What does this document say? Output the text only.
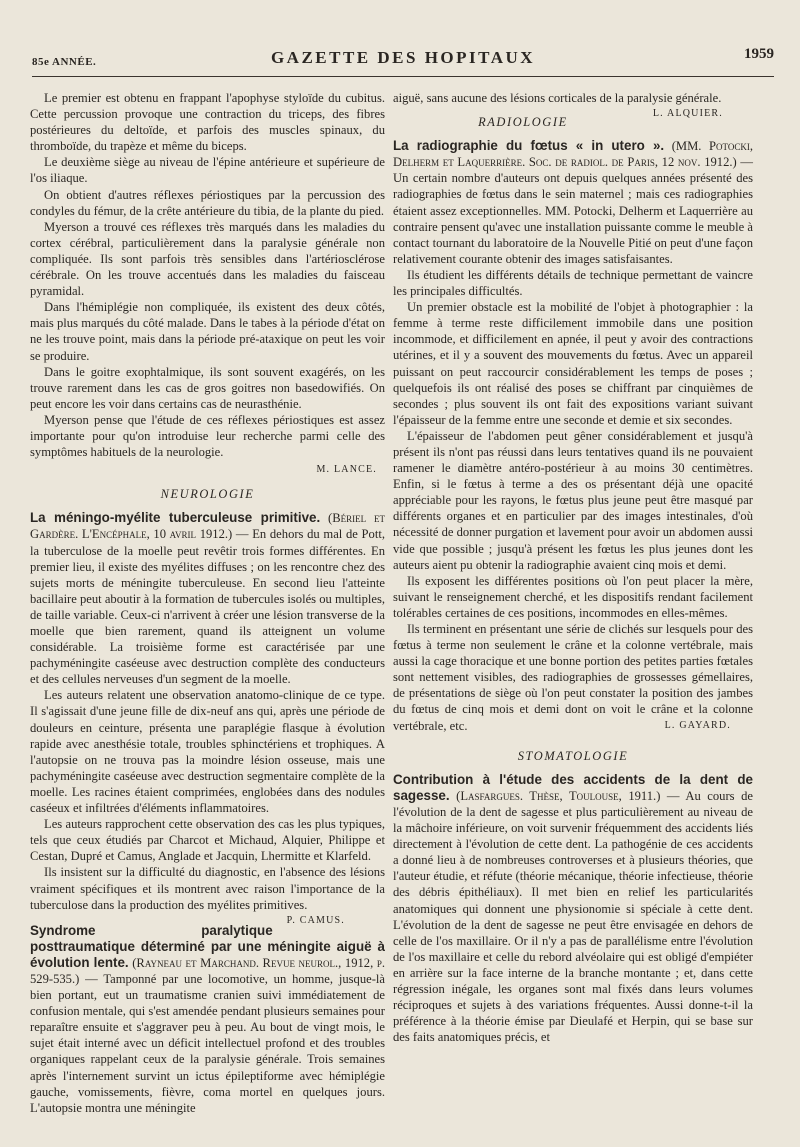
85e ANNÉE.	GAZETTE DES HOPITAUX	1959

Le premier est obtenu en frappant l'apophyse styloïde du cubitus. Cette percussion provoque une contraction du triceps, des fibres postérieures du deltoïde, et parfois des muscles spinaux, du thromboïde, du trapèze et même du biceps.

Le deuxième siège au niveau de l'épine antérieure et supérieure de l'os iliaque.

On obtient d'autres réflexes périostiques par la percussion des condyles du fémur, de la crête antérieure du tibia, de la plante du pied.

Myerson a trouvé ces réflexes très marqués dans les maladies du cortex cérébral, particulièrement dans la paralysie générale non compliquée. Ils sont parfois très sensibles dans l'artériosclérose cérébrale. On les trouve accentués dans les maladies du faisceau pyramidal.

Dans l'hémiplégie non compliquée, ils existent des deux côtés, mais plus marqués du côté malade. Dans le tabes à la période d'état on ne les trouve point, mais dans la période pré-ataxique on peut les voir se produire.

Dans le goitre exophtalmique, ils sont souvent exagérés, on les trouve rarement dans les cas de gros goitres non basedowifiés. On peut encore les voir dans certains cas de neurasthénie.

Myerson pense que l'étude de ces réflexes périostiques est assez importante pour qu'on introduise leur recherche parmi celle des symptômes habituels de la neurologie.

M. LANCE.
NEUROLOGIE

La méningo-myélite tuberculeuse primitive. (Bériel et Gardère. L'Encéphale, 10 avril 1912.) — En dehors du mal de Pott, la tuberculose de la moelle peut revêtir trois formes différentes. En premier lieu, il existe des myélites diffuses ; on les rencontre chez des sujets morts de méningite tuberculeuse. En second lieu l'atteinte bacillaire peut aboutir à la formation de tubercules isolés ou multiples, de taille variable. Ceux-ci n'arrivent à créer une lésion transverse de la moelle que bien rarement, quand ils atteignent un volume considérable. La troisième forme est caractérisée par une pachyméningite caséeuse avec destruction complète des conducteurs et des cellules nerveuses d'un segment de la moelle.

Les auteurs relatent une observation anatomo-clinique de ce type. Il s'agissait d'une jeune fille de dix-neuf ans qui, après une période de douleurs en ceinture, présenta une paraplégie flasque à évolution rapide avec anesthésie totale, troubles sphinctériens et trophiques. A l'autopsie on ne trouva pas la moindre lésion osseuse, mais une pachyméningite caséeuse avec destruction segmentaire complète de la moelle. Les racines étaient comprimées, englobées dans des nodules caséeux et infiltrées d'éléments inflammatoires.

Les auteurs rapprochent cette observation des cas les plus typiques, tels que ceux étudiés par Charcot et Michaud, Alquier, Philippe et Cestan, Dupré et Camus, Anglade et Jacquin, Lhermitte et Klarfeld.

Ils insistent sur la difficulté du diagnostic, en l'absence des lésions vraiment spécifiques et ils montrent avec raison l'importance de la tuberculose dans la production des myélites primitives.
P. CAMUS.

Syndrome paralytique posttraumatique déterminé par une méningite aiguë à évolution lente. (Rayneau et Marchand. Revue neurol., 1912, p. 529-535.) — Tamponné par une locomotive, un homme, jusque-là bien portant, eut un traumatisme cranien suivi immédiatement de confusion mentale, qui s'est amendée pendant plusieurs semaines pour reparaître ensuite et s'aggraver peu à peu. Au bout de vingt mois, le sujet était interné avec un déficit intellectuel profond et des troubles organiques rappelant ceux de la paralysie générale. Trois semaines après l'internement survint un ictus épileptiforme avec hémiplégie gauche, vomissements, fièvre, coma mortel en quelques jours. L'autopsie montra une méningite

aiguë, sans aucune des lésions corticales de la paralysie générale.
L. ALQUIER.

RADIOLOGIE

La radiographie du fœtus « in utero ». (MM. Potocki, Delherm et Laquerrière. Soc. de radiol. de Paris, 12 nov. 1912.) — Un certain nombre d'auteurs ont depuis quelques années présenté des radiographies de fœtus dans le sein maternel ; mais ces radiographies étaient assez exceptionnelles. MM. Potocki, Delherm et Laquerrière au contraire pensent qu'avec une installation puissante comme le meuble à contact tournant du laboratoire de la Nouvelle Pitié on peut d'une façon relativement courante obtenir des images satisfaisantes.

Ils étudient les différents détails de technique permettant de vaincre les principales difficultés.

Un premier obstacle est la mobilité de l'objet à photographier : la femme à terme reste difficilement immobile dans une position incommode, et difficilement en apnée, il peut y avoir des contractions utérines, et il y a souvent des mouvements du fœtus. Avec un appareil puissant on peut raccourcir considérablement les temps de poses ; quelquefois ils ont réalisé des poses se chiffrant par cinquièmes de secondes ; plus souvent ils ont fait des expositions variant suivant l'épaisseur de la femme entre une seconde et demie et six secondes.

L'épaisseur de l'abdomen peut gêner considérablement et jusqu'à présent ils n'ont pas réussi dans leurs tentatives quand ils ne pouvaient ramener le diamètre antéro-postérieur à au moins 30 centimètres. Enfin, si le fœtus à terme a des os présentant déjà une opacité appréciable pour les rayons, le fœtus plus jeune peut être masqué par différents organes et en particulier par des images intestinales, d'où nécessité de donner purgation et lavement pour avoir un abdomen aussi vide que possible ; jusqu'à présent les fœtus les plus jeunes dont les auteurs aient pu obtenir la radiographie avaient cinq mois et demi.

Ils exposent les différentes positions où l'on peut placer la mère, suivant le renseignement cherché, et les dispositifs rendant facilement tolérables certaines de ces positions, incommodes en elles-mêmes.

Ils terminent en présentant une série de clichés sur lesquels pour des fœtus à terme non seulement le crâne et la colonne vertébrale, mais aussi la cage thoracique et une bonne portion des petites parties fœtales sont nettement visibles, des radiographies de grossesses gémellaires, de présentations de siège où l'on peut constater la position des jambes du fœtus de cinq mois et demi dont on voit le crâne et la colonne vertébrale, etc.	L. GAYARD.

STOMATOLOGIE

Contribution à l'étude des accidents de la dent de sagesse. (Lasfargues. Thèse, Toulouse, 1911.) — Au cours de l'évolution de la dent de sagesse et plus particulièrement au niveau de la mâchoire inférieure, on voit survenir fréquemment des accidents liés directement à l'évolution de cette dent. La pathogénie de ces accidents a donné lieu à de nombreuses controverses et à plusieurs théories, que l'auteur étudie, et réfute (théorie mécanique, théorie infectieuse, théorie des débris épithéliaux). Il met bien en relief les particularités anatomiques qui donnent une physionomie si spéciale à cette dent. L'évolution de la dent de sagesse ne peut être envisagée en dehors de celle de l'os maxillaire. Or il n'y a pas de parallélisme entre l'évolution de l'os maxillaire et celle du rebord alvéolaire qui est obligé d'empiéter en arrière sur la face interne de la branche montante ; et, dans cette régression inégale, les organes sont mal fixés dans leurs volumes réciproques et sujets à des variations fréquentes. Aussi donne-t-il la préférence à la théorie émise par Dieulafé et Herpin, qui se base sur des faits anatomiques précis, et
